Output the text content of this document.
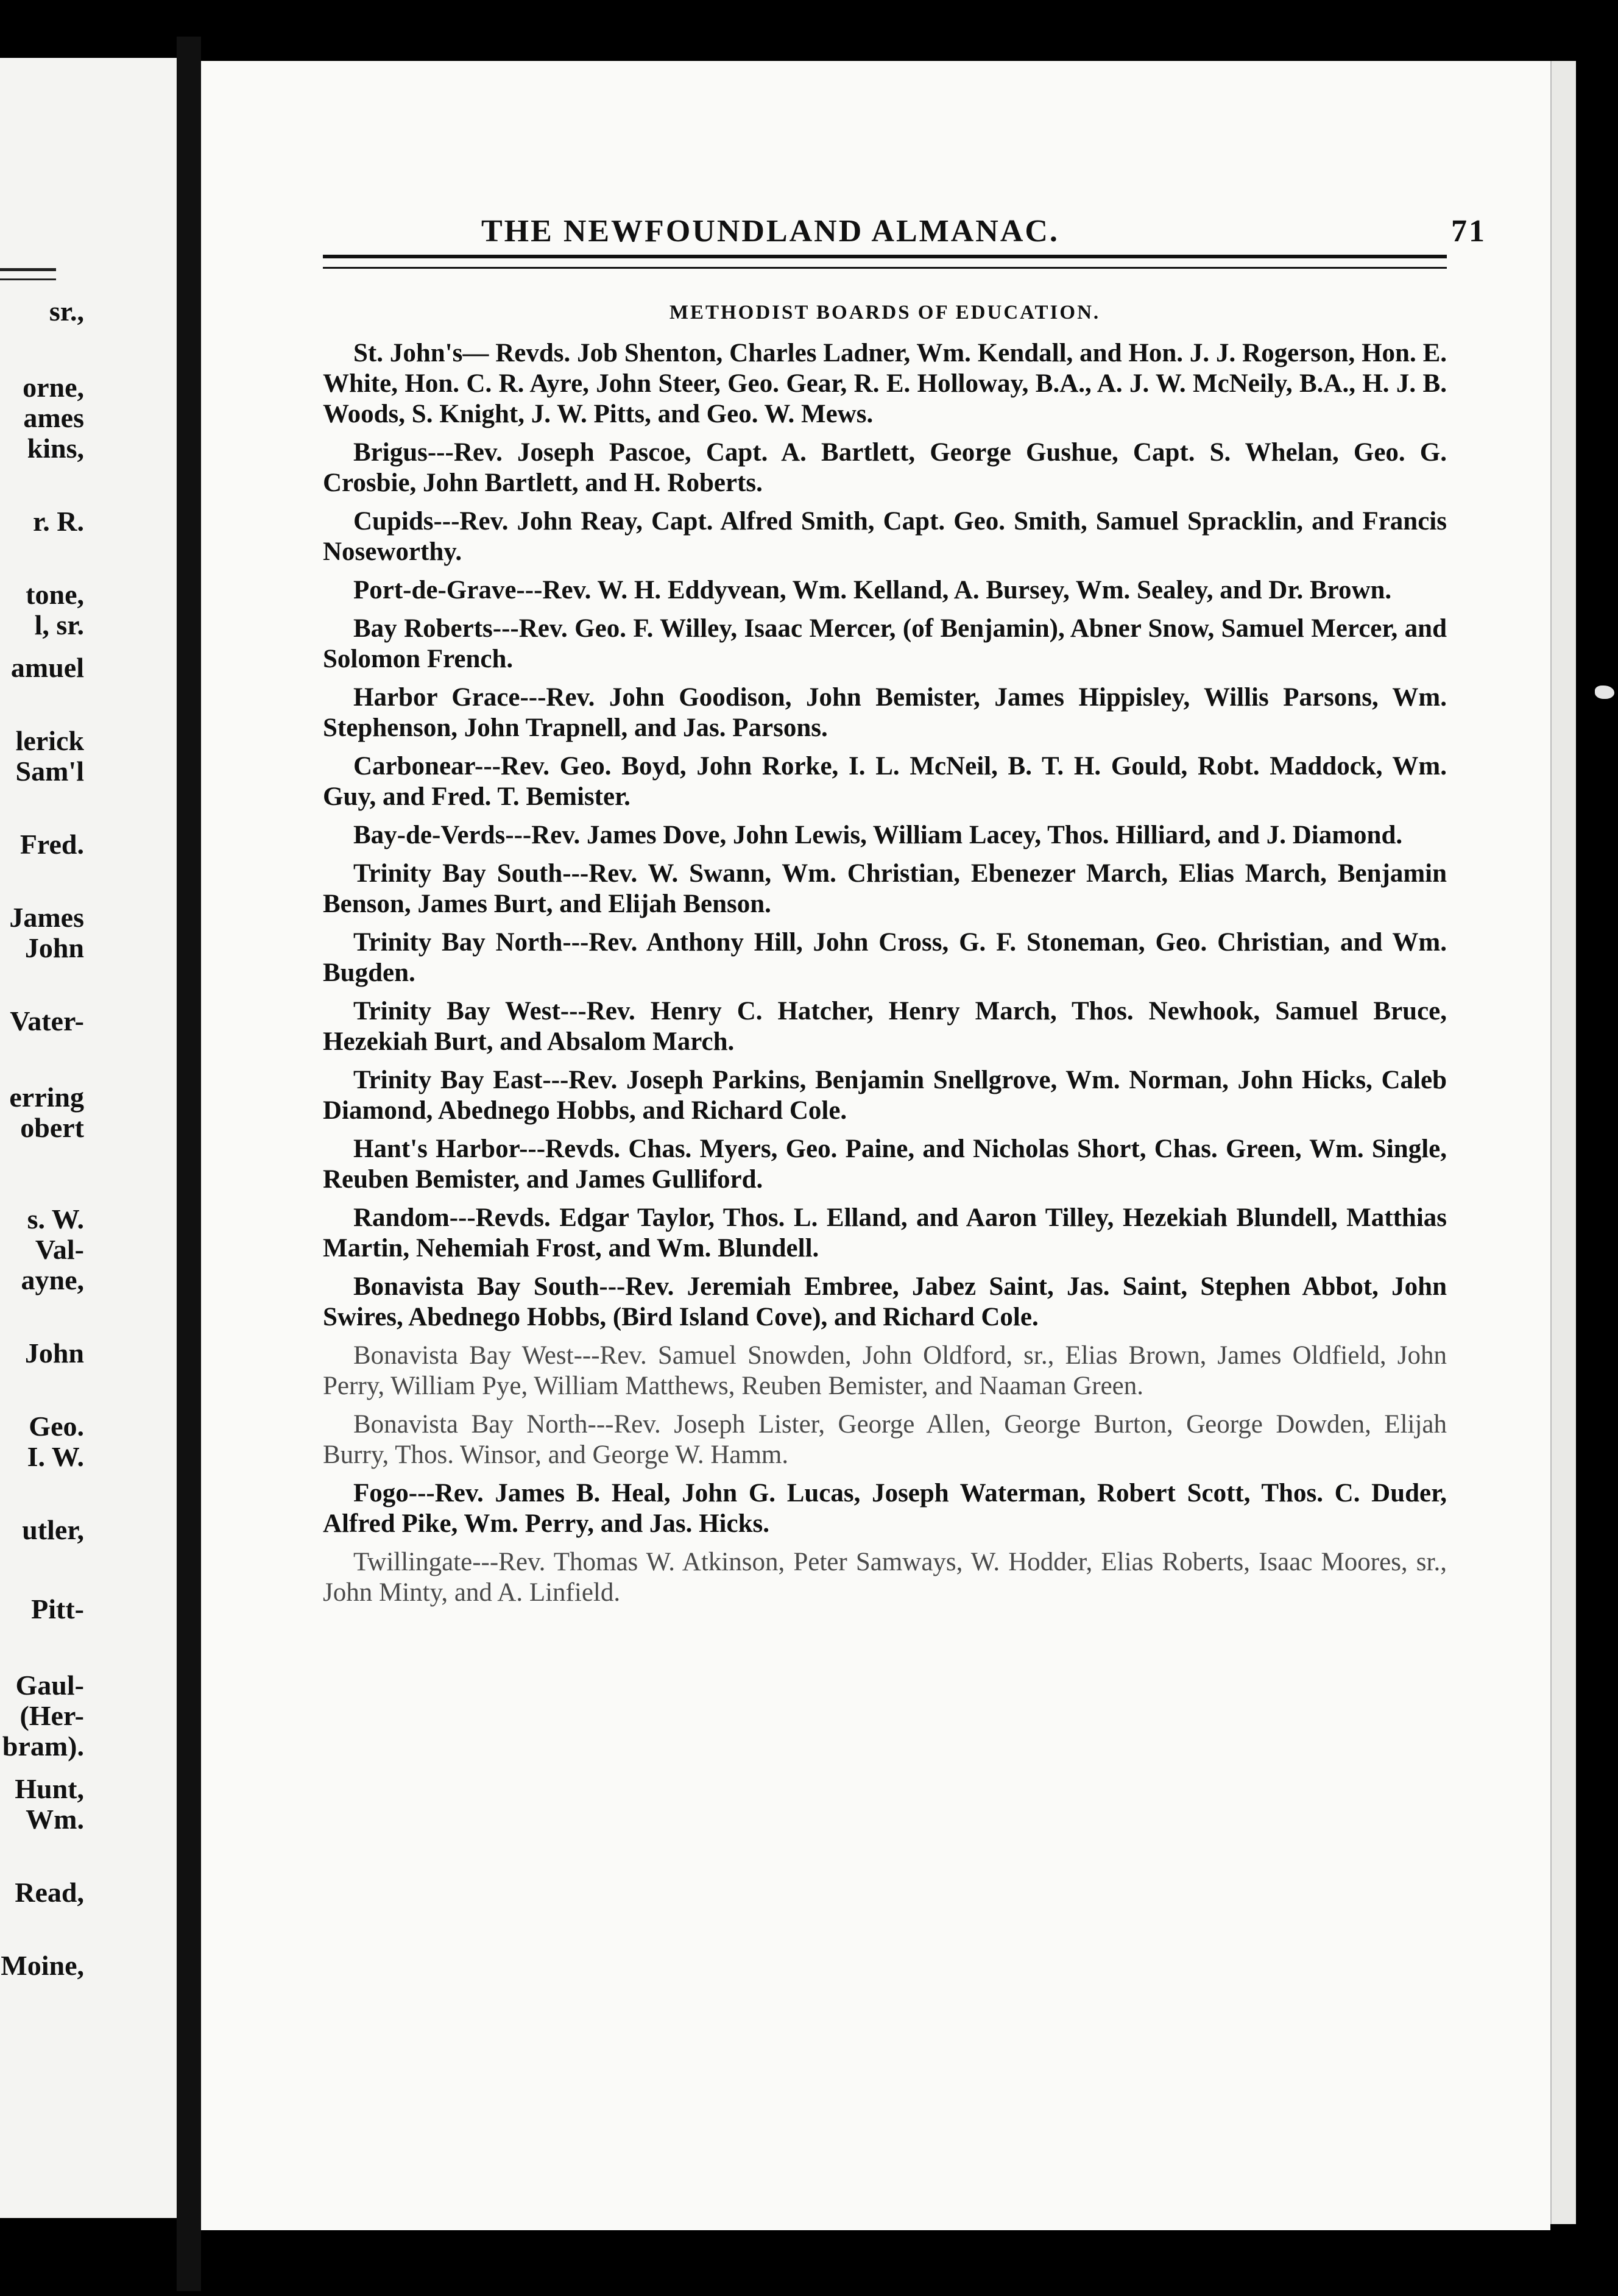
sr.,
orne,
ames
kins,
r. R.
tone,
l, sr.
amuel
lerick
Sam'l
Fred.
James
John
Vater-
erring
obert
s. W.
Val-
ayne,
John
Geo.
I. W.
utler,
Pitt-
Gaul-
(Her-
bram).
Hunt,
Wm.
Read,
Moine,
THE NEWFOUNDLAND ALMANAC.	71
METHODIST BOARDS OF EDUCATION.

St. John's— Revds. Job Shenton, Charles Ladner, Wm. Kendall, and Hon. J. J. Rogerson, Hon. E. White, Hon. C. R. Ayre, John Steer, Geo. Gear, R. E. Holloway, B.A., A. J. W. McNeily, B.A., H. J. B. Woods, S. Knight, J. W. Pitts, and Geo. W. Mews.

Brigus---Rev. Joseph Pascoe, Capt. A. Bartlett, George Gushue, Capt. S. Whelan, Geo. G. Crosbie, John Bartlett, and H. Roberts.

Cupids---Rev. John Reay, Capt. Alfred Smith, Capt. Geo. Smith, Samuel Spracklin, and Francis Noseworthy.

Port-de-Grave---Rev. W. H. Eddyvean, Wm. Kelland, A. Bursey, Wm. Sealey, and Dr. Brown.

Bay Roberts---Rev. Geo. F. Willey, Isaac Mercer, (of Benjamin), Abner Snow, Samuel Mercer, and Solomon French.

Harbor Grace---Rev. John Goodison, John Bemister, James Hippisley, Willis Parsons, Wm. Stephenson, John Trapnell, and Jas. Parsons.

Carbonear---Rev. Geo. Boyd, John Rorke, I. L. McNeil, B. T. H. Gould, Robt. Maddock, Wm. Guy, and Fred. T. Bemister.

Bay-de-Verds---Rev. James Dove, John Lewis, William Lacey, Thos. Hilliard, and J. Diamond.

Trinity Bay South---Rev. W. Swann, Wm. Christian, Ebenezer March, Elias March, Benjamin Benson, James Burt, and Elijah Benson.

Trinity Bay North---Rev. Anthony Hill, John Cross, G. F. Stoneman, Geo. Christian, and Wm. Bugden.

Trinity Bay West---Rev. Henry C. Hatcher, Henry March, Thos. Newhook, Samuel Bruce, Hezekiah Burt, and Absalom March.

Trinity Bay East---Rev. Joseph Parkins, Benjamin Snellgrove, Wm. Norman, John Hicks, Caleb Diamond, Abednego Hobbs, and Richard Cole.

Hant's Harbor---Revds. Chas. Myers, Geo. Paine, and Nicholas Short, Chas. Green, Wm. Single, Reuben Bemister, and James Gulliford.

Random---Revds. Edgar Taylor, Thos. L. Elland, and Aaron Tilley, Hezekiah Blundell, Matthias Martin, Nehemiah Frost, and Wm. Blundell.

Bonavista Bay South---Rev. Jeremiah Embree, Jabez Saint, Jas. Saint, Stephen Abbot, John Swires, Abednego Hobbs, (Bird Island Cove), and Richard Cole.

Bonavista Bay West---Rev. Samuel Snowden, John Oldford, sr., Elias Brown, James Oldfield, John Perry, William Pye, William Matthews, Reuben Bemister, and Naaman Green.

Bonavista Bay North---Rev. Joseph Lister, George Allen, George Burton, George Dowden, Elijah Burry, Thos. Winsor, and George W. Hamm.

Fogo---Rev. James B. Heal, John G. Lucas, Joseph Waterman, Robert Scott, Thos. C. Duder, Alfred Pike, Wm. Perry, and Jas. Hicks.

Twillingate---Rev. Thomas W. Atkinson, Peter Samways, W. Hodder, Elias Roberts, Isaac Moores, sr., John Minty, and A. Linfield.
